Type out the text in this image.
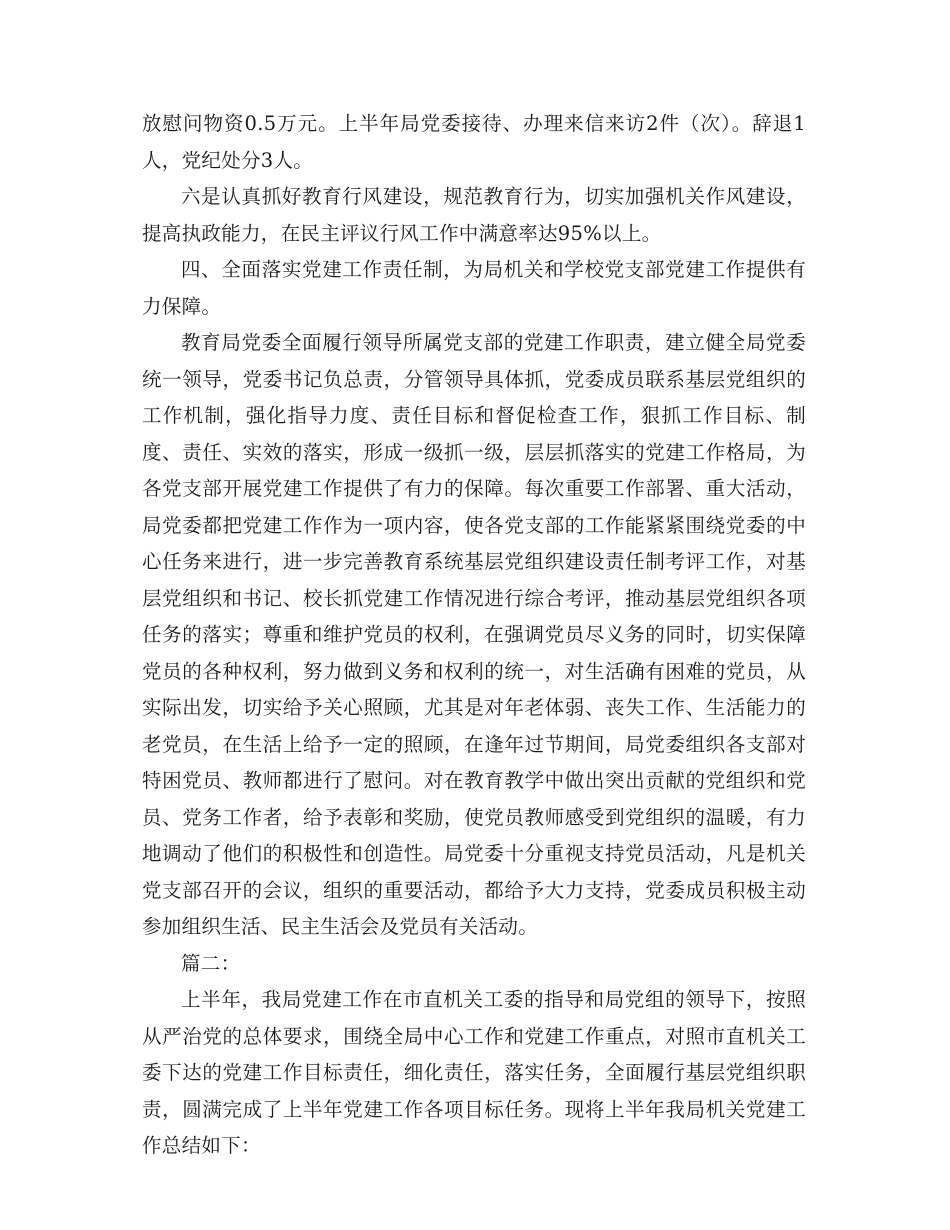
放慰问物资0.5万元。上半年局党委接待、办理来信来访2件（次）。辞退1人，党纪处分3人。

六是认真抓好教育行风建设，规范教育行为，切实加强机关作风建设，提高执政能力，在民主评议行风工作中满意率达95%以上。

四、全面落实党建工作责任制，为局机关和学校党支部党建工作提供有力保障。

教育局党委全面履行领导所属党支部的党建工作职责，建立健全局党委统一领导，党委书记负总责，分管领导具体抓，党委成员联系基层党组织的工作机制，强化指导力度、责任目标和督促检查工作，狠抓工作目标、制度、责任、实效的落实，形成一级抓一级，层层抓落实的党建工作格局，为各党支部开展党建工作提供了有力的保障。每次重要工作部署、重大活动，局党委都把党建工作作为一项内容，使各党支部的工作能紧紧围绕党委的中心任务来进行，进一步完善教育系统基层党组织建设责任制考评工作，对基层党组织和书记、校长抓党建工作情况进行综合考评，推动基层党组织各项任务的落实；尊重和维护党员的权利，在强调党员尽义务的同时，切实保障党员的各种权利，努力做到义务和权利的统一，对生活确有困难的党员，从实际出发，切实给予关心照顾，尤其是对年老体弱、丧失工作、生活能力的老党员，在生活上给予一定的照顾，在逢年过节期间，局党委组织各支部对特困党员、教师都进行了慰问。对在教育教学中做出突出贡献的党组织和党员、党务工作者，给予表彰和奖励，使党员教师感受到党组织的温暖，有力地调动了他们的积极性和创造性。局党委十分重视支持党员活动，凡是机关党支部召开的会议，组织的重要活动，都给予大力支持，党委成员积极主动参加组织生活、民主生活会及党员有关活动。

篇二：

上半年，我局党建工作在市直机关工委的指导和局党组的领导下，按照从严治党的总体要求，围绕全局中心工作和党建工作重点，对照市直机关工委下达的党建工作目标责任，细化责任，落实任务，全面履行基层党组织职责，圆满完成了上半年党建工作各项目标任务。现将上半年我局机关党建工作总结如下：
